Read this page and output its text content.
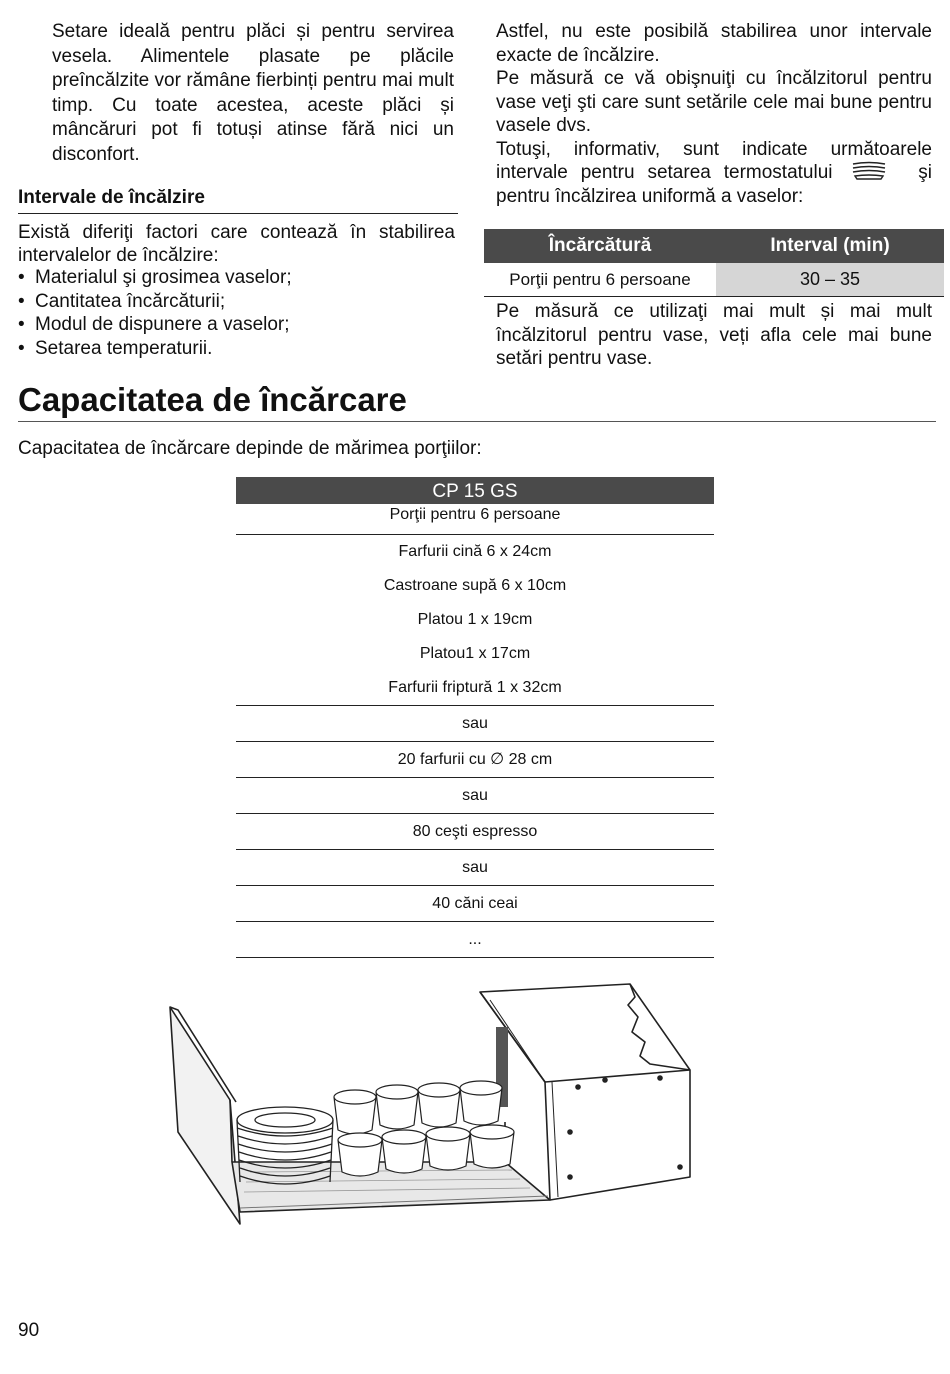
Setare ideală pentru plăci și pentru servirea vesela. Alimentele plasate pe plăcile preîncălzite vor rămâne fierbinți pentru mai mult timp. Cu toate acestea, aceste plăci și mâncăruri pot fi totuși atinse fără nici un disconfort.
Intervale de încălzire
Există diferiţi factori care contează în stabilirea intervalelor de încălzire:
• Materialul şi grosimea vaselor;
• Cantitatea încărcăturii;
• Modul de dispunere a vaselor;
• Setarea temperaturii.

Astfel, nu este posibilă stabilirea unor intervale exacte de încălzire.

Pe măsură ce vă obişnuiţi cu încălzitorul pentru vase veţi şti care sunt setările cele mai bune pentru vasele dvs.

Totuşi, informativ, sunt indicate următoarele intervale pentru setarea termostatului	şi pentru încălzirea uniformă a vaselor:

Încărcătură	Interval (min)
Porţii pentru 6 persoane	30 – 35
Pe măsură ce utilizaţi mai mult și mai mult încălzitorul pentru vase, veți afla cele mai bune setări pentru vase.
Capacitatea de încărcare
Capacitatea de încărcare depinde de mărimea porţiilor:
CP 15 GS
Porţii pentru 6 persoane
Farfurii cină 6 x 24cm
Castroane supă 6 x 10cm
Platou 1 x 19cm
Platou1 x 17cm
Farfurii friptură 1 x 32cm
sau
20 farfurii cu ∅ 28 cm
sau
80 ceşti espresso
sau
40 căni ceai
...
90
